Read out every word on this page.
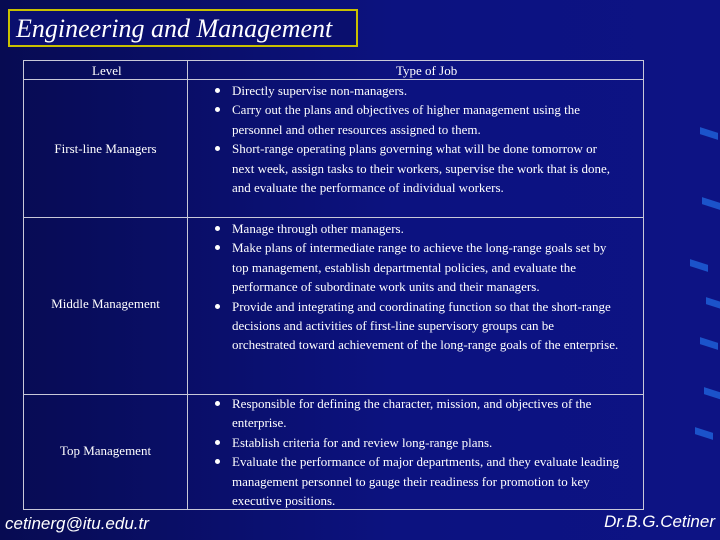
Engineering and Management
Level	Type of Job
First-line Managers
Directly supervise non-managers.
Carry out the plans and objectives of higher management using the personnel and other resources assigned to them.
Short-range operating plans governing what will be done tomorrow or next week, assign tasks to their workers, supervise the work that is done, and evaluate the performance of individual workers.
Middle Management
Manage through other managers.
Make plans of intermediate range to achieve the long-range goals set by top management, establish departmental policies, and evaluate the performance of subordinate work units and their managers.
Provide and integrating and coordinating function so that the short-range decisions and activities of first-line supervisory groups can be orchestrated toward achievement of the long-range goals of the enterprise.
Top Management
Responsible for defining the character, mission, and objectives of the enterprise.
Establish criteria for and review long-range plans.
Evaluate the performance of major departments, and they evaluate leading management personnel to gauge their readiness for promotion to key executive positions.
cetinerg@itu.edu.tr	Dr.B.G.Cetiner
